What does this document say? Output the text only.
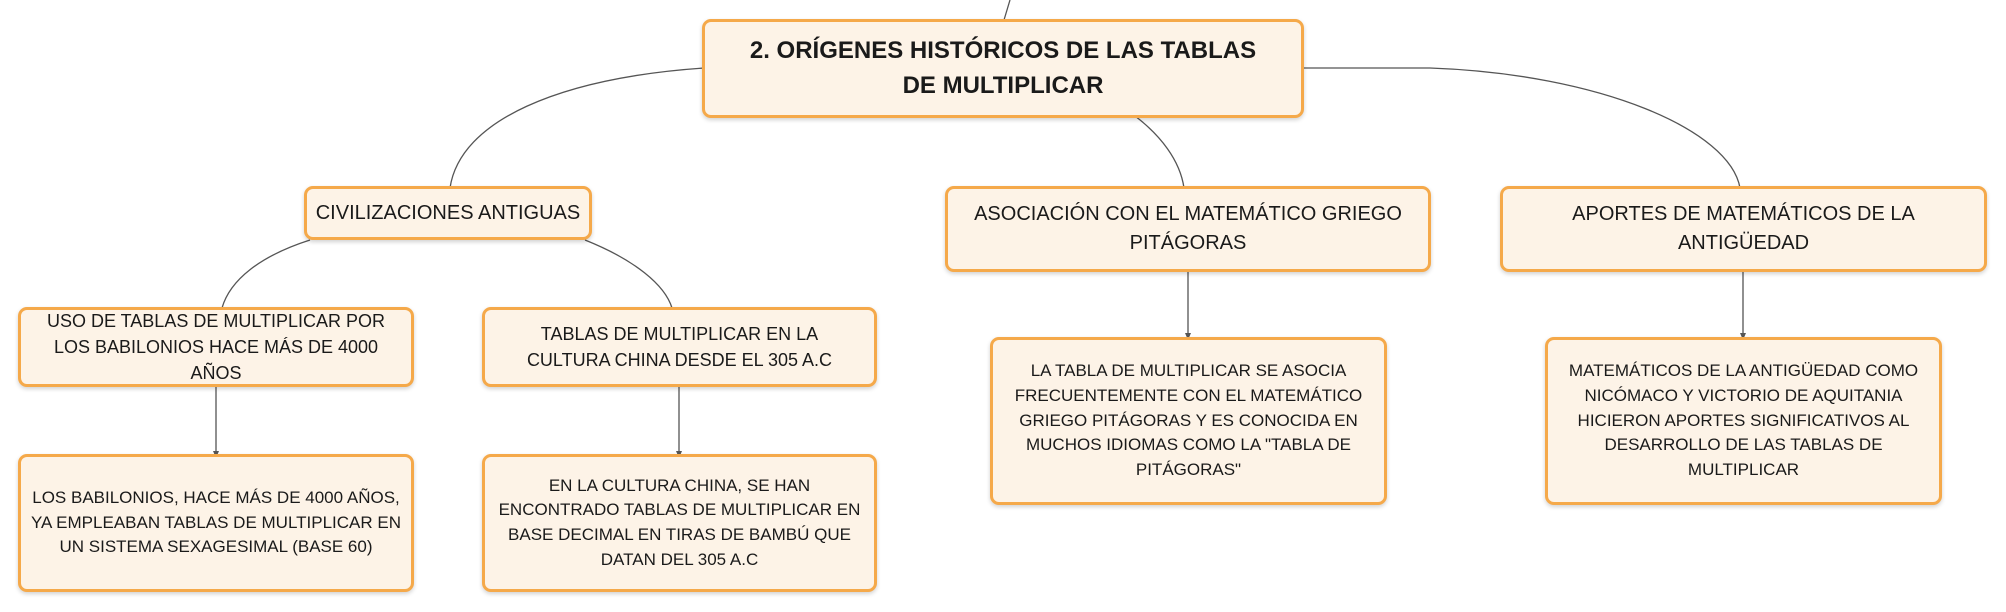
2. ORÍGENES HISTÓRICOS DE LAS TABLAS DE MULTIPLICAR
CIVILIZACIONES ANTIGUAS	ASOCIACIÓN CON EL MATEMÁTICO GRIEGO PITÁGORAS
APORTES DE MATEMÁTICOS DE LA ANTIGÜEDAD
USO DE TABLAS DE MULTIPLICAR POR LOS BABILONIOS HACE MÁS DE 4000 AÑOS
TABLAS DE MULTIPLICAR EN LA CULTURA CHINA DESDE EL 305 A.C
LOS BABILONIOS, HACE MÁS DE 4000 AÑOS, YA EMPLEABAN TABLAS DE MULTIPLICAR EN UN SISTEMA SEXAGESIMAL (BASE 60)
EN LA CULTURA CHINA, SE HAN ENCONTRADO TABLAS DE MULTIPLICAR EN BASE DECIMAL EN TIRAS DE BAMBÚ QUE DATAN DEL 305 A.C
LA TABLA DE MULTIPLICAR SE ASOCIA FRECUENTEMENTE CON EL MATEMÁTICO GRIEGO PITÁGORAS Y ES CONOCIDA EN MUCHOS IDIOMAS COMO LA "TABLA DE PITÁGORAS"
MATEMÁTICOS DE LA ANTIGÜEDAD COMO NICÓMACO Y VICTORIO DE AQUITANIA HICIERON APORTES SIGNIFICATIVOS AL DESARROLLO DE LAS TABLAS DE MULTIPLICAR
